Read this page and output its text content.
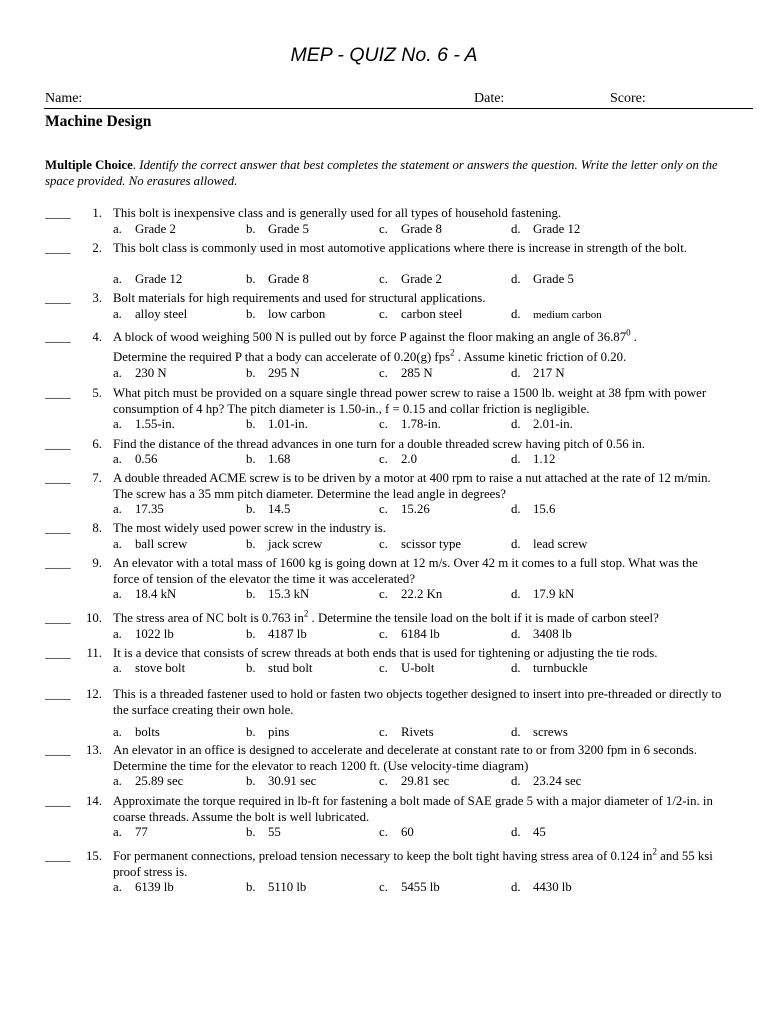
MEP - QUIZ No. 6 - A
Name:	Date:	Score:
Machine Design
Multiple Choice. Identify the correct answer that best completes the statement or answers the question. Write the letter only on the space provided. No erasures allowed.
____	1. This bolt is inexpensive class and is generally used for all types of household fastening.
a. Grade 2	b. Grade 5	c. Grade 8	d. Grade 12
____	2. This bolt class is commonly used in most automotive applications where there is increase in strength of the bolt.
a. Grade 12	b. Grade 8	c. Grade 2	d. Grade 5
____	3. Bolt materials for high requirements and used for structural applications.
a. alloy steel	b. low carbon	c. carbon steel	d. medium carbon
____	4. A block of wood weighing 500 N is pulled out by force P against the floor making an angle of 36.87$^0$ .
Determine the required P that a body can accelerate of 0.20(g) fps$^2$ . Assume kinetic friction of 0.20.
a. 230 N	b. 295 N	c. 285 N	d. 217 N
____	5. What pitch must be provided on a square single thread power screw to raise a 1500 lb. weight at 38 fpm with power consumption of 4 hp? The pitch diameter is 1.50-in., f = 0.15 and collar friction is negligible.
a. 1.55-in.	b. 1.01-in.	c. 1.78-in.	d. 2.01-in.
____	6. Find the distance of the thread advances in one turn for a double threaded screw having pitch of 0.56 in.
a. 0.56	b. 1.68	c. 2.0	d. 1.12
____	7. A double threaded ACME screw is to be driven by a motor at 400 rpm to raise a nut attached at the rate of 12 m/min. The screw has a 35 mm pitch diameter. Determine the lead angle in degrees?
a. 17.35	b. 14.5	c. 15.26	d. 15.6
____	8. The most widely used power screw in the industry is.
a. ball screw	b. jack screw	c. scissor type	d. lead screw
____	9. An elevator with a total mass of 1600 kg is going down at 12 m/s. Over 42 m it comes to a full stop. What was the force of tension of the elevator the time it was accelerated?
a. 18.4 kN	b. 15.3 kN	c. 22.2 Kn	d. 17.9 kN
____	10. The stress area of NC bolt is 0.763 $in^2$ . Determine the tensile load on the bolt if it is made of carbon steel?
a. 1022 lb	b. 4187 lb	c. 6184 lb	d. 3408 lb
____	11. It is a device that consists of screw threads at both ends that is used for tightening or adjusting the tie rods.
a. stove bolt	b. stud bolt	c. U-bolt	d. turnbuckle
____	12. This is a threaded fastener used to hold or fasten two objects together designed to insert into pre-threaded or directly to the surface creating their own hole.
a. bolts	b. pins	c. Rivets	d. screws
____	13. An elevator in an office is designed to accelerate and decelerate at constant rate to or from 3200 fpm in 6 seconds. Determine the time for the elevator to reach 1200 ft. (Use velocity-time diagram)
a. 25.89 sec	b. 30.91 sec	c. 29.81 sec	d. 23.24 sec
____	14. Approximate the torque required in lb-ft for fastening a bolt made of SAE grade 5 with a major diameter of 1/2-in. in coarse threads. Assume the bolt is well lubricated.
a. 77	b. 55	c. 60	d. 45
____	15. For permanent connections, preload tension necessary to keep the bolt tight having stress area of 0.124 $in^2$ and 55 ksi proof stress is.
a. 6139 lb	b. 5110 lb	c. 5455 lb	d. 4430 lb
